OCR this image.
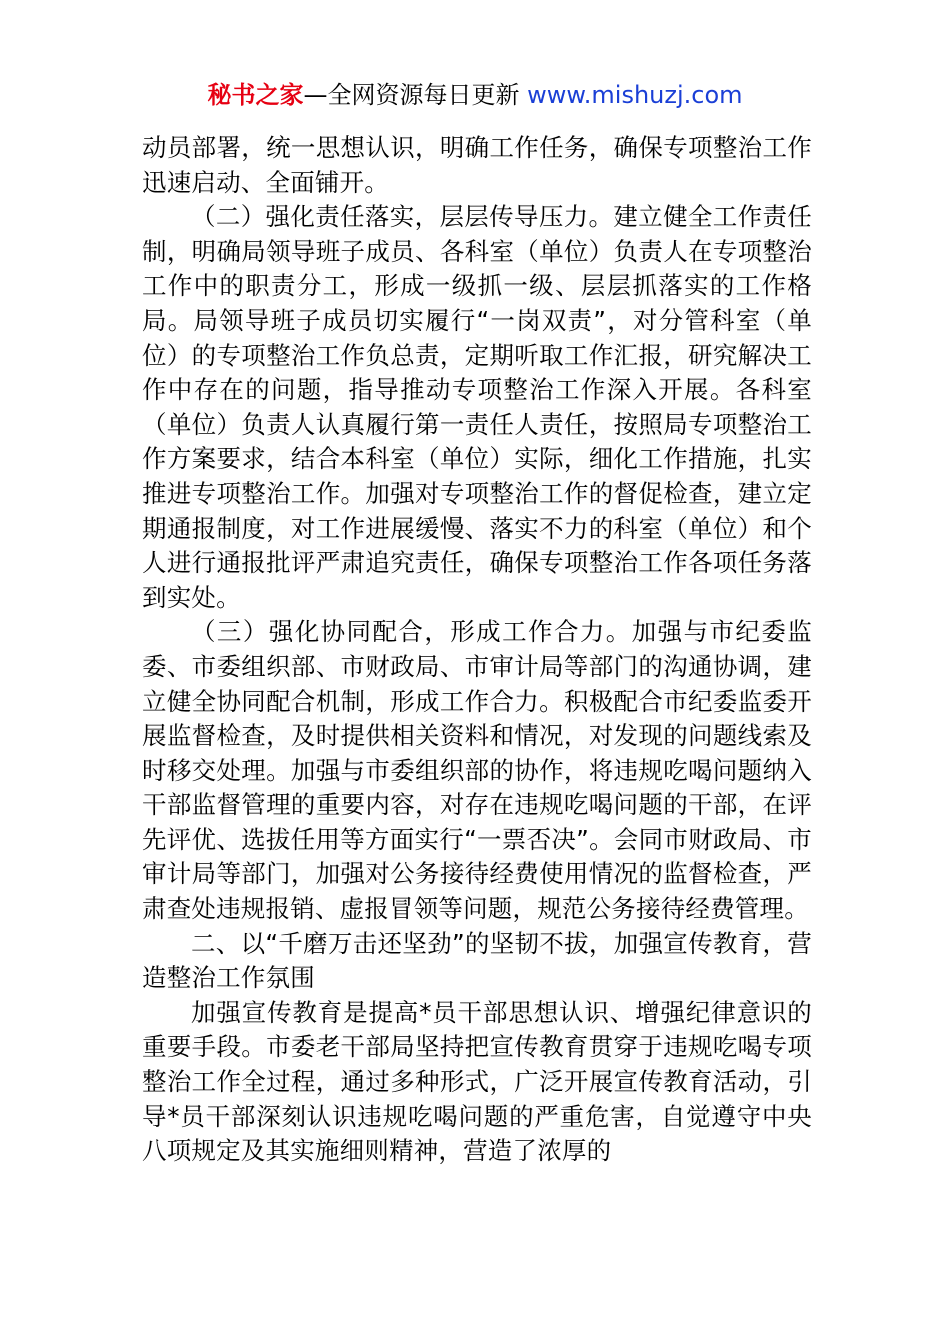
秘书之家—全网资源每日更新 www.mishuzj.com

动员部署，统一思想认识，明确工作任务，确保专项整治工作迅速启动、全面铺开。

（二）强化责任落实，层层传导压力。建立健全工作责任制，明确局领导班子成员、各科室（单位）负责人在专项整治工作中的职责分工，形成一级抓一级、层层抓落实的工作格局。局领导班子成员切实履行“一岗双责”，对分管科室（单位）的专项整治工作负总责，定期听取工作汇报，研究解决工作中存在的问题，指导推动专项整治工作深入开展。各科室（单位）负责人认真履行第一责任人责任，按照局专项整治工作方案要求，结合本科室（单位）实际，细化工作措施，扎实推进专项整治工作。加强对专项整治工作的督促检查，建立定期通报制度，对工作进展缓慢、落实不力的科室（单位）和个人进行通报批评严肃追究责任，确保专项整治工作各项任务落到实处。

（三）强化协同配合，形成工作合力。加强与市纪委监委、市委组织部、市财政局、市审计局等部门的沟通协调，建立健全协同配合机制，形成工作合力。积极配合市纪委监委开展监督检查，及时提供相关资料和情况，对发现的问题线索及时移交处理。加强与市委组织部的协作，将违规吃喝问题纳入干部监督管理的重要内容，对存在违规吃喝问题的干部，在评先评优、选拔任用等方面实行“一票否决”。会同市财政局、市审计局等部门，加强对公务接待经费使用情况的监督检查，严肃查处违规报销、虚报冒领等问题，规范公务接待经费管理。

二、以“千磨万击还坚劲”的坚韧不拔，加强宣传教育，营造整治工作氛围

加强宣传教育是提高*员干部思想认识、增强纪律意识的重要手段。市委老干部局坚持把宣传教育贯穿于违规吃喝专项整治工作全过程，通过多种形式，广泛开展宣传教育活动，引导*员干部深刻认识违规吃喝问题的严重危害，自觉遵守中央八项规定及其实施细则精神，营造了浓厚的
